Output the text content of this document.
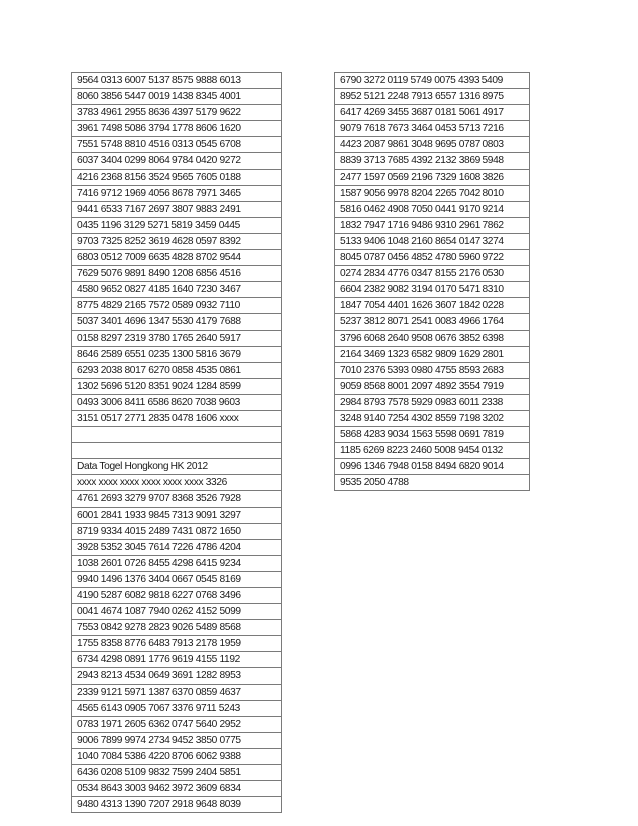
9564 0313 6007 5137 8575 9888 6013
8060 3856 5447 0019 1438 8345 4001
3783 4961 2955 8636 4397 5179 9622
3961 7498 5086 3794 1778 8606 1620
7551 5748 8810 4516 0313 0545 6708
6037 3404 0299 8064 9784 0420 9272
4216 2368 8156 3524 9565 7605 0188
7416 9712 1969 4056 8678 7971 3465
9441 6533 7167 2697 3807 9883 2491
0435 1196 3129 5271 5819 3459 0445
9703 7325 8252 3619 4628 0597 8392
6803 0512 7009 6635 4828 8702 9544
7629 5076 9891 8490 1208 6856 4516
4580 9652 0827 4185 1640 7230 3467
8775 4829 2165 7572 0589 0932 7110
5037 3401 4696 1347 5530 4179 7688
0158 8297 2319 3780 1765 2640 5917
8646 2589 6551 0235 1300 5816 3679
6293 2038 8017 6270 0858 4535 0861
1302 5696 5120 8351 9024 1284 8599
0493 3006 8411 6586 8620 7038 9603
3151 0517 2771 2835 0478 1606 xxxx

Data Togel Hongkong HK 2012
xxxx xxxx xxxx xxxx xxxx xxxx 3326
4761 2693 3279 9707 8368 3526 7928
6001 2841 1933 9845 7313 9091 3297
8719 9334 4015 2489 7431 0872 1650
3928 5352 3045 7614 7226 4786 4204
1038 2601 0726 8455 4298 6415 9234
9940 1496 1376 3404 0667 0545 8169
4190 5287 6082 9818 6227 0768 3496
0041 4674 1087 7940 0262 4152 5099
7553 0842 9278 2823 9026 5489 8568
1755 8358 8776 6483 7913 2178 1959
6734 4298 0891 1776 9619 4155 1192
2943 8213 4534 0649 3691 1282 8953
2339 9121 5971 1387 6370 0859 4637
4565 6143 0905 7067 3376 9711 5243
0783 1971 2605 6362 0747 5640 2952
9006 7899 9974 2734 9452 3850 0775
1040 7084 5386 4220 8706 6062 9388
6436 0208 5109 9832 7599 2404 5851
0534 8643 3003 9462 3972 3609 6834
9480 4313 1390 7207 2918 9648 8039
6790 3272 0119 5749 0075 4393 5409
8952 5121 2248 7913 6557 1316 8975
6417 4269 3455 3687 0181 5061 4917
9079 7618 7673 3464 0453 5713 7216
4423 2087 9861 3048 9695 0787 0803
8839 3713 7685 4392 2132 3869 5948
2477 1597 0569 2196 7329 1608 3826
1587 9056 9978 8204 2265 7042 8010
5816 0462 4908 7050 0441 9170 9214
1832 7947 1716 9486 9310 2961 7862
5133 9406 1048 2160 8654 0147 3274
8045 0787 0456 4852 4780 5960 9722
0274 2834 4776 0347 8155 2176 0530
6604 2382 9082 3194 0170 5471 8310
1847 7054 4401 1626 3607 1842 0228
5237 3812 8071 2541 0083 4966 1764
3796 6068 2640 9508 0676 3852 6398
2164 3469 1323 6582 9809 1629 2801
7010 2376 5393 0980 4755 8593 2683
9059 8568 8001 2097 4892 3554 7919
2984 8793 7578 5929 0983 6011 2338
3248 9140 7254 4302 8559 7198 3202
5868 4283 9034 1563 5598 0691 7819
1185 6269 8223 2460 5008 9454 0132
0996 1346 7948 0158 8494 6820 9014
9535 2050 4788
